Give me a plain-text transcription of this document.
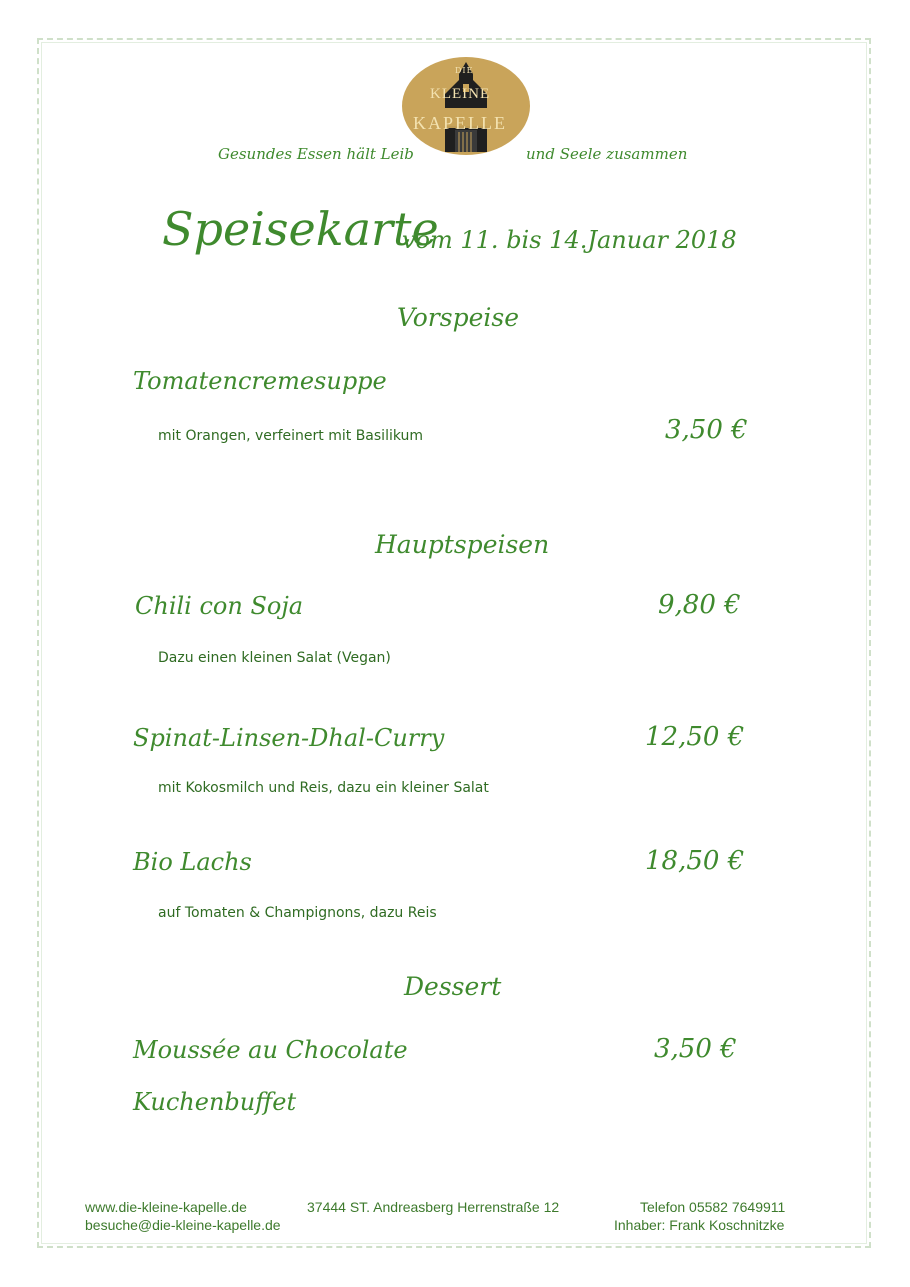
DIE
KLEINE
KAPELLE
Gesundes Essen hält Leib	und Seele zusammen
Speisekarte
vom 11. bis 14.Januar 2018
Vorspeise
Tomatencremesuppe
mit Orangen, verfeinert mit Basilikum	3,50 €
Hauptspeisen
Chili con Soja	9,80 €
Dazu einen kleinen Salat (Vegan)
Spinat-Linsen-Dhal-Curry	12,50 €
mit Kokosmilch und Reis, dazu ein kleiner Salat
Bio Lachs	18,50 €
auf Tomaten & Champignons, dazu Reis
Dessert
Moussée au Chocolate	3,50 €
Kuchenbuffet
www.die-kleine-kapelle.de
besuche@die-kleine-kapelle.de
37444 ST. Andreasberg Herrenstraße 12	Telefon 05582 7649911
Inhaber: Frank Koschnitzke
